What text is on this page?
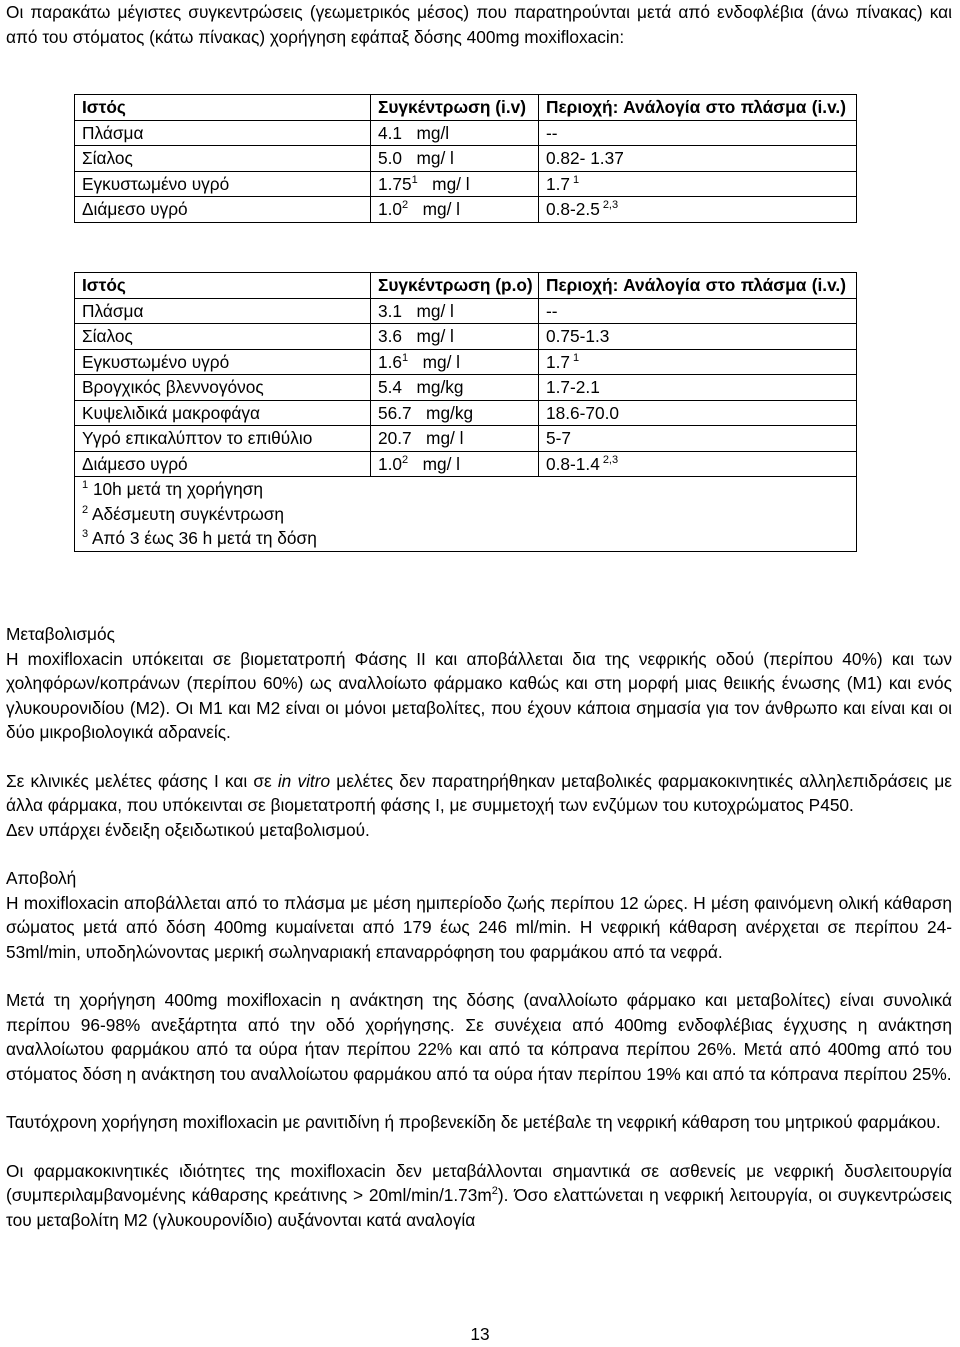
Οι παρακάτω μέγιστες συγκεντρώσεις (γεωμετρικός μέσος) που παρατηρούνται μετά από ενδοφλέβια (άνω πίνακας) και από του στόματος (κάτω πίνακας) χορήγηση εφάπαξ δόσης 400mg moxifloxacin:

Ιστός	Συγκέντρωση (i.v)	Περιοχή: Ανάλογία στο πλάσμα (i.v.)
Πλάσμα	4.1 mg/l	--
Σίαλος	5.0 mg/ l	0.82- 1.37
Εγκυστωμένο υγρό	1.75$^1$ mg/ l	1.7 $^1$
Διάμεσο υγρό	$1.0^2$ mg/ l	0.8-2.5 $^{2,3}$
Ιστός	Συγκέντρωση (p.o)	Περιοχή: Ανάλογία στο πλάσμα (i.v.)
Πλάσμα	3.1 mg/ l	--
Σίαλος	3.6 mg/ l	0.75-1.3
Εγκυστωμένο υγρό	$1.6^1$ mg/ l	1.7 $^1$
Βρογχικός βλεννογόνος	5.4 mg/kg	1.7-2.1
Κυψελιδικά μακροφάγα	56.7 mg/kg	18.6-70.0
Υγρό επικαλύπτον το επιθύλιο	20.7 mg/ l	5-7
Διάμεσο υγρό	$1.0^2$ mg/ l	0.8-1.4 $^{2,3}$

$^1$ 10h μετά τη χορήγηση
$^2$ Αδέσμευτη συγκέντρωση
$^3$ Από 3 έως 36 h μετά τη δόση		

Μεταβολισμός

Η moxifloxacin υπόκειται σε βιομετατροπή Φάσης ΙΙ και αποβάλλεται δια της νεφρικής οδού (περίπου 40%) και των χοληφόρων/κοπράνων (περίπου 60%) ως αναλλοίωτο φάρμακο καθώς και στη μορφή μιας θειικής ένωσης (Μ1) και ενός γλυκουρονιδίου (Μ2). Οι Μ1 και Μ2 είναι οι μόνοι μεταβολίτες, που έχουν κάποια σημασία για τον άνθρωπο και είναι και οι δύο μικροβιολογικά αδρανείς.

Σε κλινικές μελέτες φάσης Ι και σε in vitro μελέτες δεν παρατηρήθηκαν μεταβολικές φαρμακοκινητικές αλληλεπιδράσεις με άλλα φάρμακα, που υπόκεινται σε βιομετατροπή φάσης Ι, με συμμετοχή των ενζύμων του κυτοχρώματος P450.

Δεν υπάρχει ένδειξη οξειδωτικού μεταβολισμού.

Αποβολή

Η moxifloxacin αποβάλλεται από το πλάσμα με μέση ημιπερίοδο ζωής περίπου 12 ώρες. Η μέση φαινόμενη ολική κάθαρση σώματος μετά από δόση 400mg κυμαίνεται από 179 έως 246 ml/min. Η νεφρική κάθαρση ανέρχεται σε περίπου 24-53ml/min, υποδηλώνοντας μερική σωληναριακή επαναρρόφηση του φαρμάκου από τα νεφρά.

Μετά τη χορήγηση 400mg moxifloxacin η ανάκτηση της δόσης (αναλλοίωτο φάρμακο και μεταβολίτες) είναι συνολικά περίπου 96-98% ανεξάρτητα από την οδό χορήγησης. Σε συνέχεια από 400mg ενδοφλέβιας έγχυσης η ανάκτηση αναλλοίωτου φαρμάκου από τα ούρα ήταν περίπου 22% και από τα κόπρανα περίπου 26%. Μετά από 400mg από του στόματος δόση η ανάκτηση του αναλλοίωτου φαρμάκου από τα ούρα ήταν περίπου 19% και από τα κόπρανα περίπου 25%.

Ταυτόχρονη χορήγηση moxifloxacin με ρανιτιδίνη ή προβενεκίδη δε μετέβαλε τη νεφρική κάθαρση του μητρικού φαρμάκου.

Οι φαρμακοκινητικές ιδιότητες της moxifloxacin δεν μεταβάλλονται σημαντικά σε ασθενείς με νεφρική δυσλειτουργία (συμπεριλαμβανομένης κάθαρσης $\kappa\rho\varepsilon ά\tau\iota\nu\eta\varsigma > 20ml/\min/1.73m^2$). Όσο ελαττώνεται η νεφρική λειτουργία, οι συγκεντρώσεις του μεταβολίτη Μ2 (γλυκουρονίδιο) αυξάνονται κατά αναλογία

13
